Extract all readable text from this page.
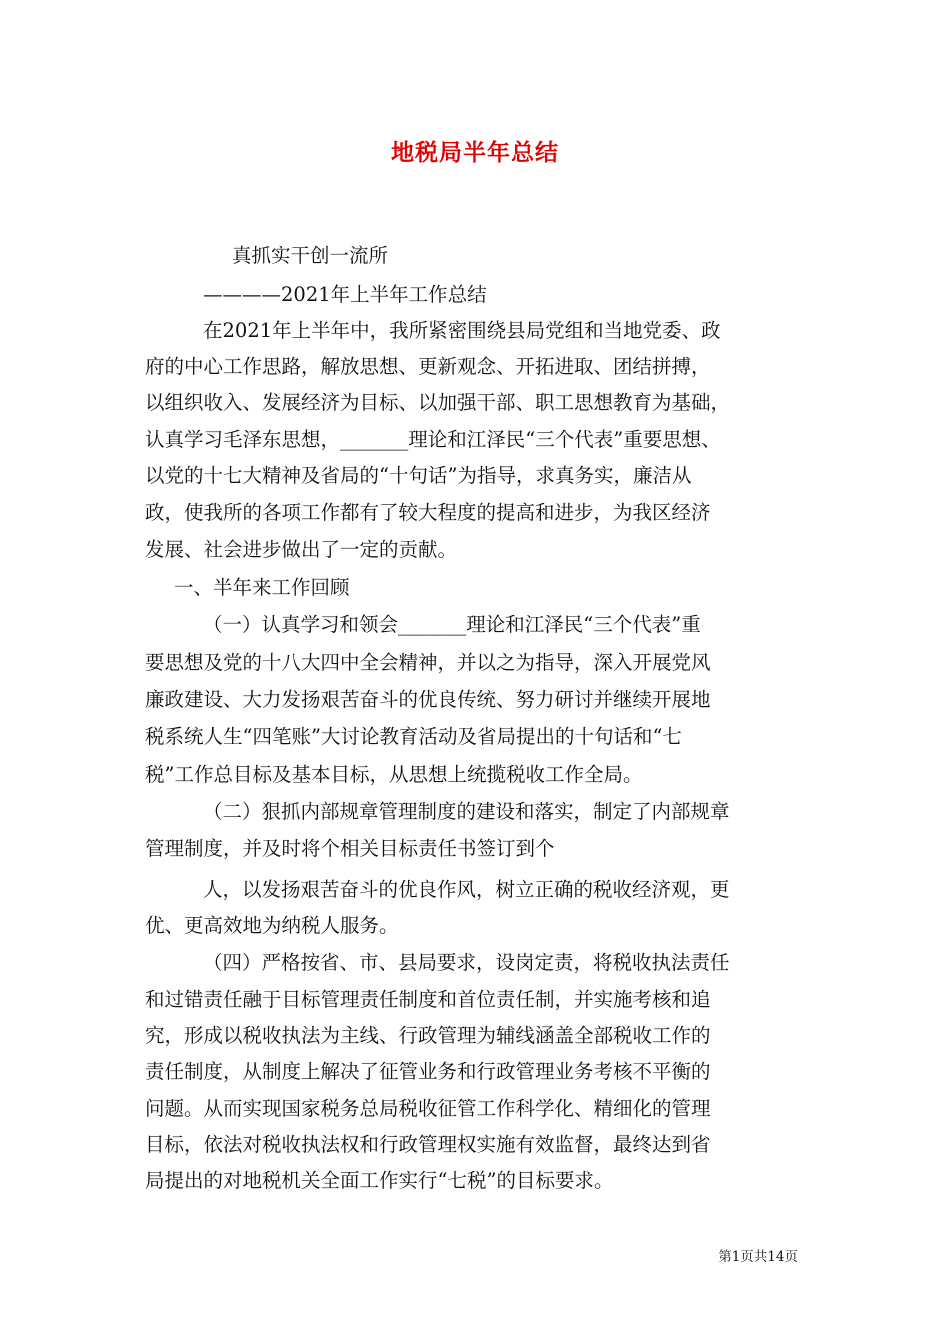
地税局半年总结
真抓实干创一流所
————2021年上半年工作总结
在2021年上半年中，我所紧密围绕县局党组和当地党委、政
府的中心工作思路，解放思想、更新观念、开拓进取、团结拼搏，
以组织收入、发展经济为目标、以加强干部、职工思想教育为基础，
认真学习毛泽东思想，_______理论和江泽民“三个代表”重要思想、
以党的十七大精神及省局的“十句话”为指导，求真务实，廉洁从
政，使我所的各项工作都有了较大程度的提高和进步，为我区经济
发展、社会进步做出了一定的贡献。
一、半年来工作回顾
（一）认真学习和领会_______理论和江泽民“三个代表”重
要思想及党的十八大四中全会精神，并以之为指导，深入开展党风
廉政建设、大力发扬艰苦奋斗的优良传统、努力研讨并继续开展地
税系统人生“四笔账”大讨论教育活动及省局提出的十句话和“七
税”工作总目标及基本目标，从思想上统揽税收工作全局。
（二）狠抓内部规章管理制度的建设和落实，制定了内部规章
管理制度，并及时将个相关目标责任书签订到个
人，以发扬艰苦奋斗的优良作风，树立正确的税收经济观，更
优、更高效地为纳税人服务。
（四）严格按省、市、县局要求，设岗定责，将税收执法责任
和过错责任融于目标管理责任制度和首位责任制，并实施考核和追
究，形成以税收执法为主线、行政管理为辅线涵盖全部税收工作的
责任制度，从制度上解决了征管业务和行政管理业务考核不平衡的
问题。从而实现国家税务总局税收征管工作科学化、精细化的管理
目标，依法对税收执法权和行政管理权实施有效监督，最终达到省
局提出的对地税机关全面工作实行“七税”的目标要求。
第1页共14页
